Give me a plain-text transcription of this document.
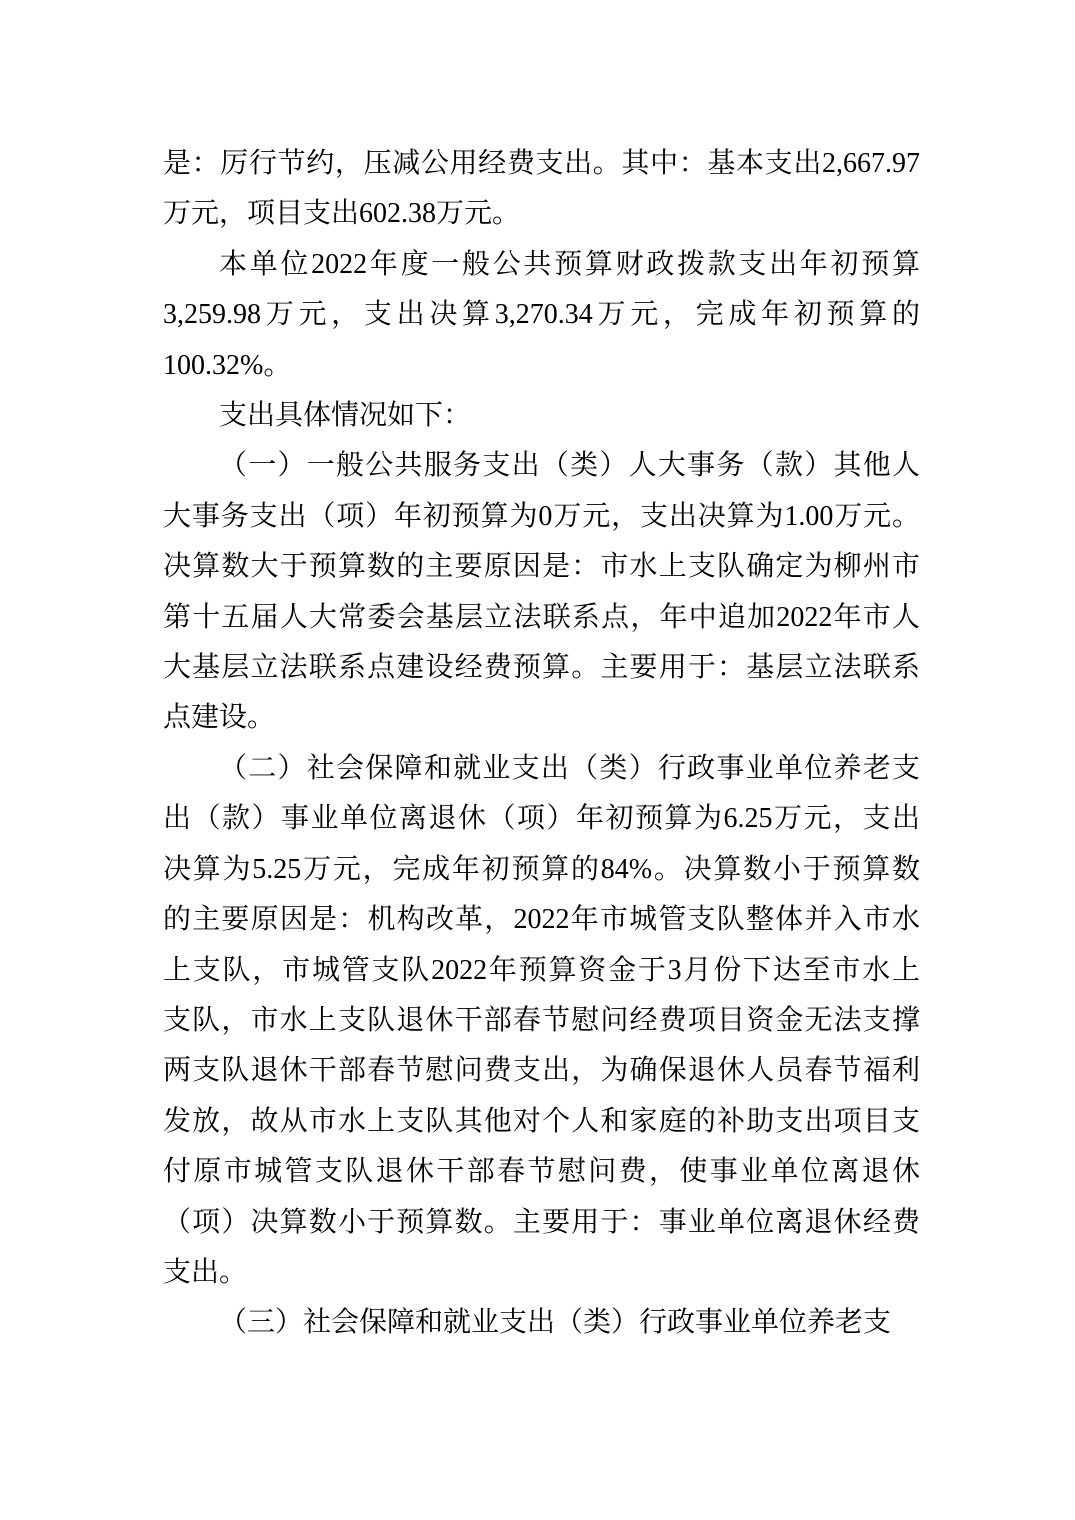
是：厉行节约，压减公用经费支出。其中：基本支出2,667.97
万元，项目支出602.38万元。
本单位2022年度一般公共预算财政拨款支出年初预算
3,259.98万元，支出决算3,270.34万元，完成年初预算的
100.32%。
支出具体情况如下：
（一）一般公共服务支出（类）人大事务（款）其他人
大事务支出（项）年初预算为0万元，支出决算为1.00万元。
决算数大于预算数的主要原因是：市水上支队确定为柳州市
第十五届人大常委会基层立法联系点，年中追加2022年市人
大基层立法联系点建设经费预算。主要用于：基层立法联系
点建设。
（二）社会保障和就业支出（类）行政事业单位养老支
出（款）事业单位离退休（项）年初预算为6.25万元，支出
决算为5.25万元，完成年初预算的84%。决算数小于预算数
的主要原因是：机构改革，2022年市城管支队整体并入市水
上支队，市城管支队2022年预算资金于3月份下达至市水上
支队，市水上支队退休干部春节慰问经费项目资金无法支撑
两支队退休干部春节慰问费支出，为确保退休人员春节福利
发放，故从市水上支队其他对个人和家庭的补助支出项目支
付原市城管支队退休干部春节慰问费，使事业单位离退休
（项）决算数小于预算数。主要用于：事业单位离退休经费
支出。
（三）社会保障和就业支出（类）行政事业单位养老支
